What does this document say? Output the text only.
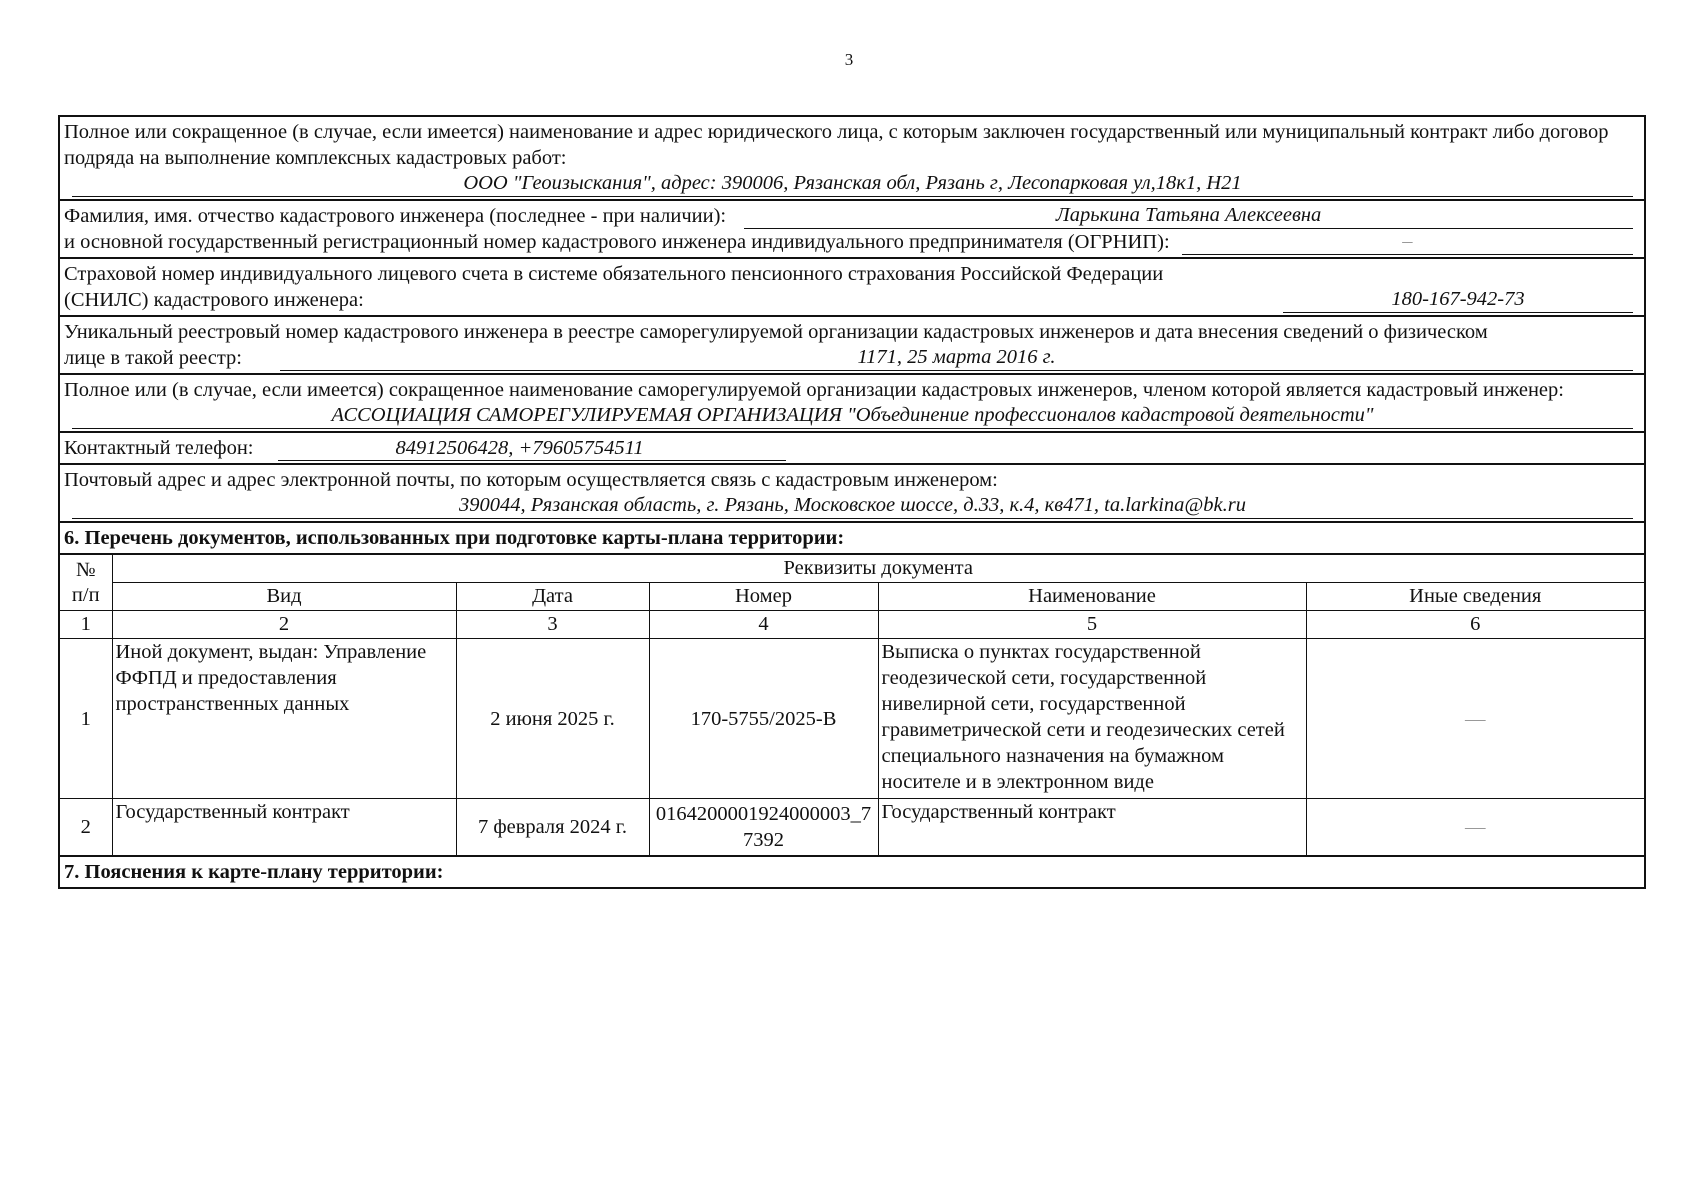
3
Полное или сокращенное (в случае, если имеется) наименование и адрес юридического лица, с которым заключен государственный или муниципальный контракт либо договор подряда на выполнение комплексных кадастровых работ:
ООО "Геоизыскания", адрес: 390006, Рязанская обл, Рязань г, Лесопарковая ул,18к1, Н21
Фамилия, имя. отчество кадастрового инженера (последнее - при наличии):	Ларькина Татьяна Алексеевна
и основной государственный регистрационный номер кадастрового инженера индивидуального предпринимателя (ОГРНИП):	–
Страховой номер индивидуального лицевого счета в системе обязательного пенсионного страхования Российской Федерации
(СНИЛС) кадастрового инженера:	180-167-942-73
Уникальный реестровый номер кадастрового инженера в реестре саморегулируемой организации кадастровых инженеров и дата внесения сведений о физическом
лице в такой реестр:	1171, 25 марта 2016 г.
Полное или (в случае, если имеется) сокращенное наименование саморегулируемой организации кадастровых инженеров, членом которой является кадастровый инженер:
АССОЦИАЦИЯ САМОРЕГУЛИРУЕМАЯ ОРГАНИЗАЦИЯ "Объединение профессионалов кадастровой деятельности"
Контактный телефон:	84912506428, +79605754511
Почтовый адрес и адрес электронной почты, по которым осуществляется связь с кадастровым инженером:
390044, Рязанская область, г. Рязань, Московское шоссе, д.33, к.4, кв471, ta.larkina@bk.ru
6. Перечень документов, использованных при подготовке карты-плана территории:
№
п/п	Реквизиты документа				
	Вид	Дата	Номер	Наименование	Иные сведения
1	2	3	4	5	6
1	Иной документ, выдан: Управление ФФПД и предоставления пространственных данных	2 июня 2025 г.	170-5755/2025-В	Выписка о пунктах государственной геодезической сети, государственной нивелирной сети, государственной гравиметрической сети и геодезических сетей специального назначения на бумажном носителе и в электронном виде	—
2	Государственный контракт	7 февраля 2024 г.	0164200001924000003_77392	Государственный контракт	—
7. Пояснения к карте-плану территории:
